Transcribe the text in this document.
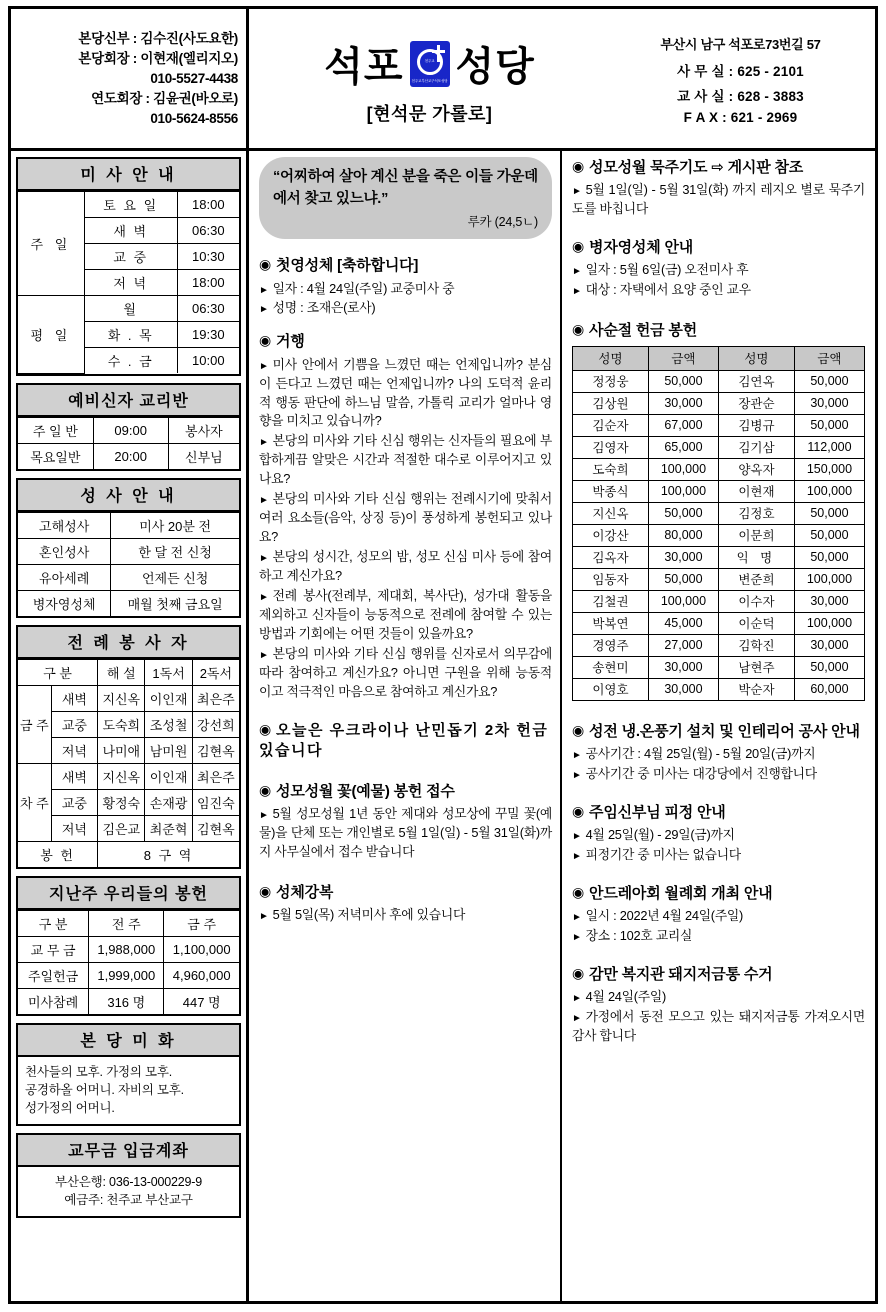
본당신부 : 김수진(사도요한)
본당회장 : 이현재(엘리지오)
010-5527-4438
연도회장 : 김윤권(바오로)
010-5624-8556
석포	천주교
천주교부산교구석포성당 성당
[현석문 가롤로]
부산시 남구 석포로73번길 57
사 무 실 : 625 - 2101
교 사 실 : 628 - 3883
F A X : 621 - 2969
미 사 안 내
주 일	토 요 일	18:00
	새 벽	06:30
	교 중	10:30
	저 녁	18:00
평 일	월	06:30
	화 . 목	19:30
	수 . 금	10:00
예비신자 교리반
주 일 반	09:00	봉사자
목요일반	20:00	신부님
성 사 안 내
고해성사	미사 20분 전
혼인성사	한 달 전 신청
유아세례	언제든 신청
병자영성체	매월 첫째 금요일
전 례 봉 사 자
구 분		해 설	1독서	2독서
금 주	새벽	지신옥	이인재	최은주
	교중	도숙희	조성철	강선희
	저녁	나미애	남미원	김현옥
차 주	새벽	지신옥	이인재	최은주
	교중	황정숙	손재광	임진숙
	저녁	김은교	최준혁	김현옥
봉 헌		8 구 역		
지난주 우리들의 봉헌
구 분	전 주	금 주
교 무 금	1,988,000	1,100,000
주일헌금	1,999,000	4,960,000
미사참례	316 명	447 명
본 당 미 화
천사들의 모후. 가정의 모후.
공경하올 어머니. 자비의 모후.
성가정의 어머니.
교무금 입금계좌
부산은행: 036-13-000229-9
예금주: 천주교 부산교구

“어찌하여 살아 계신 분을 죽은 이들 가운데에서 찾고 있느냐.”

루카 (24,5ㄴ)

◉ 첫영성체 [축하합니다]
► 일자 : 4월 24일(주일) 교중미사 중
► 성명 : 조재은(로사)
◉ 거행
► 미사 안에서 기쁨을 느꼈던 때는 언제입니까? 분심이 든다고 느꼈던 때는 언제입니까? 나의 도덕적 윤리적 행동 판단에 하느님 말씀, 가톨릭 교리가 얼마나 영향을 미치고 있습니까?
► 본당의 미사와 기타 신심 행위는 신자들의 필요에 부합하게끔 알맞은 시간과 적절한 대수로 이루어지고 있나요?
► 본당의 미사와 기타 신심 행위는 전례시기에 맞춰서 여러 요소들(음악, 상징 등)이 풍성하게 봉헌되고 있나요?
► 본당의 성시간, 성모의 밤, 성모 신심 미사 등에 참여하고 계신가요?
► 전례 봉사(전례부, 제대회, 복사단), 성가대 활동을 제외하고 신자들이 능동적으로 전례에 참여할 수 있는 방법과 기회에는 어떤 것들이 있을까요?
► 본당의 미사와 기타 신심 행위를 신자로서 의무감에 따라 참여하고 계신가요? 아니면 구원을 위해 능동적이고 적극적인 마음으로 참여하고 계신가요?
◉ 오늘은 우크라이나 난민돕기 2차 헌금 있습니다
◉ 성모성월 꽃(예물) 봉헌 접수
► 5월 성모성월 1년 동안 제대와 성모상에 꾸밀 꽃(예물)을 단체 또는 개인별로 5월 1일(일) - 5월 31일(화)까지 사무실에서 접수 받습니다
◉ 성체강복
► 5월 5일(목) 저녁미사 후에 있습니다
◉ 성모성월 묵주기도 ⇨ 게시판 참조
► 5월 1일(일) - 5월 31일(화) 까지 레지오 별로 묵주기도를 바칩니다
◉ 병자영성체 안내
► 일자 : 5월 6일(금) 오전미사 후
► 대상 : 자택에서 요양 중인 교우
◉ 사순절 헌금 봉헌
성명	금액	성명	금액
정정웅	50,000	김연옥	50,000
김상원	30,000	장관순	30,000
김순자	67,000	김병규	50,000
김영자	65,000	김기삼	112,000
도숙희	100,000	양옥자	150,000
박종식	100,000	이현재	100,000
지신옥	50,000	김정호	50,000
이강산	80,000	이문희	50,000
김옥자	30,000	익 명	50,000
임동자	50,000	변준희	100,000
김철권	100,000	이수자	30,000
박복연	45,000	이순덕	100,000
경영주	27,000	김학진	30,000
송현미	30,000	남현주	50,000
이영호	30,000	박순자	60,000
◉ 성전 냉.온풍기 설치 및 인테리어 공사 안내
► 공사기간 : 4월 25일(월) - 5월 20일(금)까지
► 공사기간 중 미사는 대강당에서 진행합니다
◉ 주임신부님 피정 안내
► 4월 25일(월) - 29일(금)까지
► 피정기간 중 미사는 없습니다
◉ 안드레아회 월례회 개최 안내
► 일시 : 2022년 4월 24일(주일)
► 장소 : 102호 교리실
◉ 감만 복지관 돼지저금통 수거
► 4월 24일(주일)
► 가정에서 동전 모으고 있는 돼지저금통 가져오시면 감사 합니다
